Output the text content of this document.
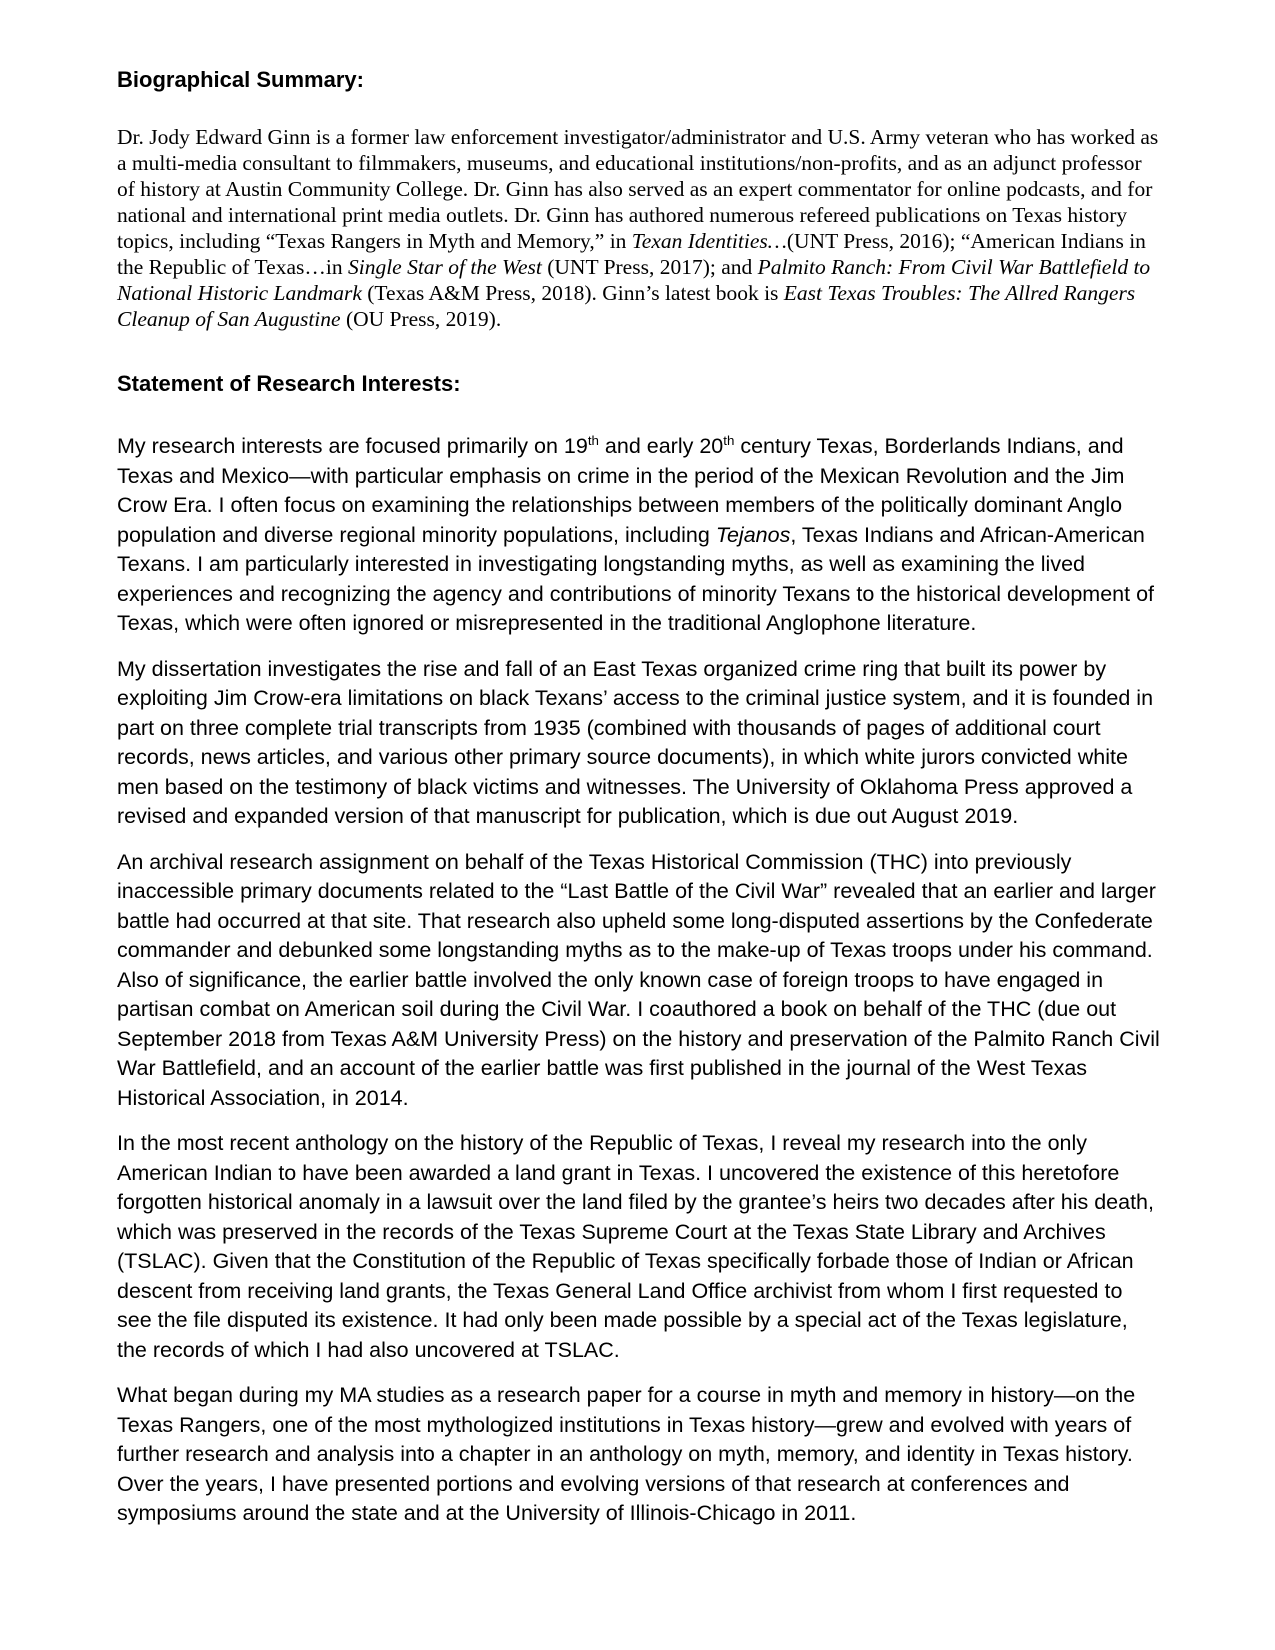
Biographical Summary:

Dr. Jody Edward Ginn is a former law enforcement investigator/administrator and U.S. Army veteran who has worked as a multi-media consultant to filmmakers, museums, and educational institutions/non-profits, and as an adjunct professor of history at Austin Community College. Dr. Ginn has also served as an expert commentator for online podcasts, and for national and international print media outlets. Dr. Ginn has authored numerous refereed publications on Texas history topics, including “Texas Rangers in Myth and Memory,” in Texan Identities…(UNT Press, 2016); “American Indians in the Republic of Texas…in Single Star of the West (UNT Press, 2017); and Palmito Ranch: From Civil War Battlefield to National Historic Landmark (Texas A&M Press, 2018). Ginn’s latest book is East Texas Troubles: The Allred Rangers Cleanup of San Augustine (OU Press, 2019).

Statement of Research Interests:

My research interests are focused primarily on 19th and early 20th century Texas, Borderlands Indians, and Texas and Mexico—with particular emphasis on crime in the period of the Mexican Revolution and the Jim Crow Era. I often focus on examining the relationships between members of the politically dominant Anglo population and diverse regional minority populations, including Tejanos, Texas Indians and African-American Texans. I am particularly interested in investigating longstanding myths, as well as examining the lived experiences and recognizing the agency and contributions of minority Texans to the historical development of Texas, which were often ignored or misrepresented in the traditional Anglophone literature.

My dissertation investigates the rise and fall of an East Texas organized crime ring that built its power by exploiting Jim Crow-era limitations on black Texans’ access to the criminal justice system, and it is founded in part on three complete trial transcripts from 1935 (combined with thousands of pages of additional court records, news articles, and various other primary source documents), in which white jurors convicted white men based on the testimony of black victims and witnesses. The University of Oklahoma Press approved a revised and expanded version of that manuscript for publication, which is due out August 2019.

An archival research assignment on behalf of the Texas Historical Commission (THC) into previously inaccessible primary documents related to the “Last Battle of the Civil War” revealed that an earlier and larger battle had occurred at that site. That research also upheld some long-disputed assertions by the Confederate commander and debunked some longstanding myths as to the make-up of Texas troops under his command. Also of significance, the earlier battle involved the only known case of foreign troops to have engaged in partisan combat on American soil during the Civil War. I coauthored a book on behalf of the THC (due out September 2018 from Texas A&M University Press) on the history and preservation of the Palmito Ranch Civil War Battlefield, and an account of the earlier battle was first published in the journal of the West Texas Historical Association, in 2014.

In the most recent anthology on the history of the Republic of Texas, I reveal my research into the only American Indian to have been awarded a land grant in Texas. I uncovered the existence of this heretofore forgotten historical anomaly in a lawsuit over the land filed by the grantee’s heirs two decades after his death, which was preserved in the records of the Texas Supreme Court at the Texas State Library and Archives (TSLAC). Given that the Constitution of the Republic of Texas specifically forbade those of Indian or African descent from receiving land grants, the Texas General Land Office archivist from whom I first requested to see the file disputed its existence. It had only been made possible by a special act of the Texas legislature, the records of which I had also uncovered at TSLAC.

What began during my MA studies as a research paper for a course in myth and memory in history—on the Texas Rangers, one of the most mythologized institutions in Texas history—grew and evolved with years of further research and analysis into a chapter in an anthology on myth, memory, and identity in Texas history. Over the years, I have presented portions and evolving versions of that research at conferences and symposiums around the state and at the University of Illinois-Chicago in 2011.
